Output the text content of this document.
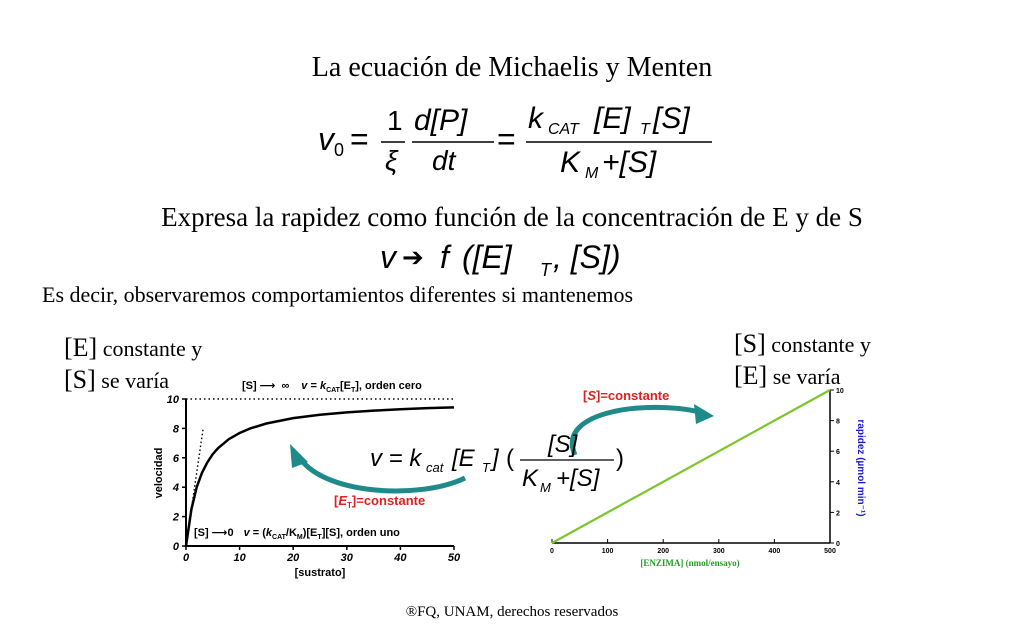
La ecuación de Michaelis y Menten
v 0 =
1
ξ
d[P]
dt
=
k CAT [E] T [S]
K M +[S]
Expresa la rapidez como función de la concentración de E y de S
v ➔ f ([E] T , [S])
Es decir, observaremos comportamientos diferentes si mantenemos
[E] constante y
[S] se varía
[S] constante y
[E] se varía
0	10	20	30	40	50
0
2
4
6
8
10
[S] ⟶ ∞ $v = k_{CAT}[E_T]$, orden cero
[S] ⟶0 $v = (k_{CAT}/K_M)[E_T][S]$, orden uno
[sustrato]
velocidad
0	100	200	300	400	500
0
2
4
6
8
10
[ENZIMA] (nmol/ensayo)
rapidez (µmol min⁻¹)
$[E_T]=constante$
[S]=constante
v = k cat [E T ] (
[S]
K M +[S]
)
®FQ, UNAM, derechos reservados
